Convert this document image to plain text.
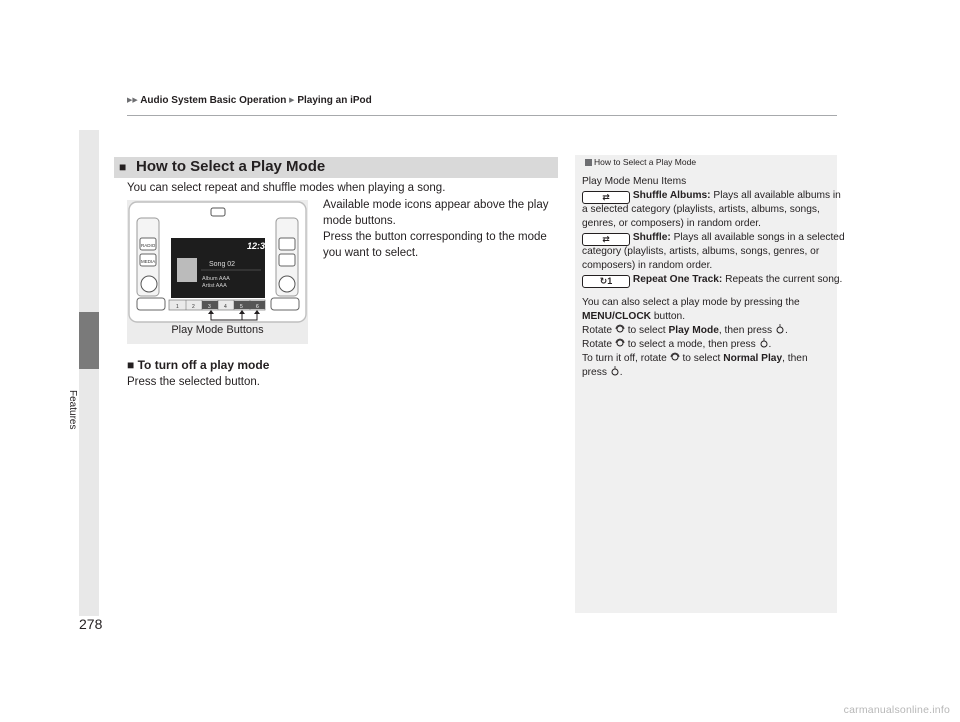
Features
▶▶ Audio System Basic Operation ▶ Playing an iPod
■ How to Select a Play Mode
You can select repeat and shuffle modes when playing a song.
Available mode icons appear above the play mode buttons.
Press the button corresponding to the mode you want to select.
12:34
Song 02
Album AAA
Artist AAA
RADIO
MEDIA
1	2	3	4	5	6
Play Mode Buttons
■ To turn off a play mode
Press the selected button.
How to Select a Play Mode
Play Mode Menu Items
⇄ Shuffle Albums: Plays all available albums in
a selected category (playlists, artists, albums, songs,
genres, or composers) in random order.
⇄ Shuffle: Plays all available songs in a selected
category (playlists, artists, albums, songs, genres, or
composers) in random order.
↻1 Repeat One Track: Repeats the current song.
You can also select a play mode by pressing the
MENU/CLOCK button.
Rotate to select Play Mode, then press .
Rotate to select a mode, then press .
To turn it off, rotate to select Normal Play, then
press .
278
carmanualsonline.info
